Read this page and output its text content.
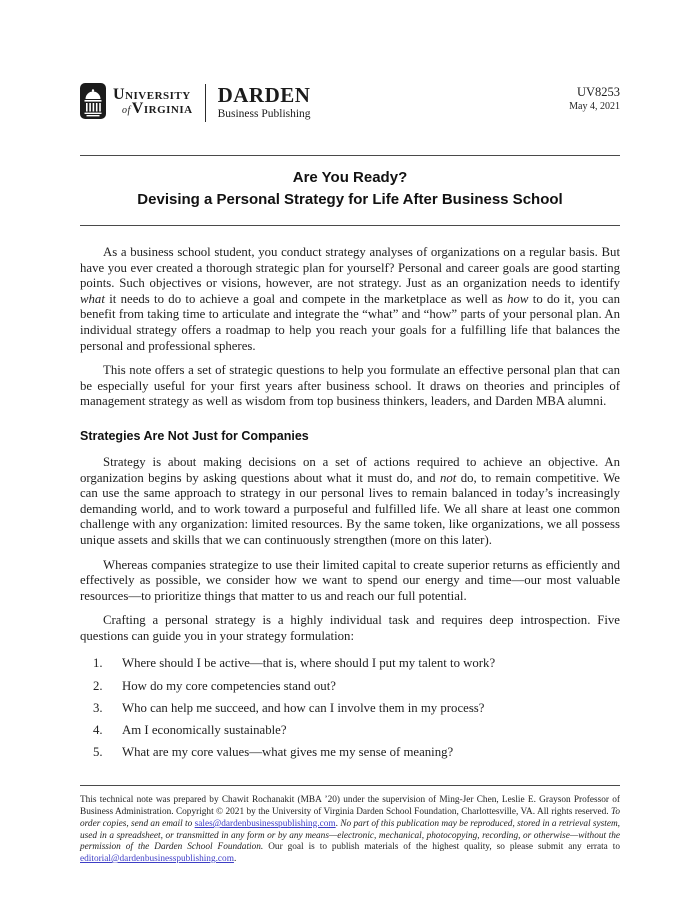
UNIVERSITY
ofVIRGINIA
DARDEN
Business Publishing
UV8253
May 4, 2021
Are You Ready?
Devising a Personal Strategy for Life After Business School

As a business school student, you conduct strategy analyses of organizations on a regular basis. But have you ever created a thorough strategic plan for yourself? Personal and career goals are good starting points. Such objectives or visions, however, are not strategy. Just as an organization needs to identify what it needs to do to achieve a goal and compete in the marketplace as well as how to do it, you can benefit from taking time to articulate and integrate the “what” and “how” parts of your personal plan. An individual strategy offers a roadmap to help you reach your goals for a fulfilling life that balances the personal and professional spheres.

This note offers a set of strategic questions to help you formulate an effective personal plan that can be especially useful for your first years after business school. It draws on theories and principles of management strategy as well as wisdom from top business thinkers, leaders, and Darden MBA alumni.

Strategies Are Not Just for Companies

Strategy is about making decisions on a set of actions required to achieve an objective. An organization begins by asking questions about what it must do, and not do, to remain competitive. We can use the same approach to strategy in our personal lives to remain balanced in today’s increasingly demanding world, and to work toward a purposeful and fulfilled life. We all share at least one common challenge with any organization: limited resources. By the same token, like organizations, we all possess unique assets and skills that we can continuously strengthen (more on this later).

Whereas companies strategize to use their limited capital to create superior returns as efficiently and effectively as possible, we consider how we want to spend our energy and time—our most valuable resources—to prioritize things that matter to us and reach our full potential.

Crafting a personal strategy is a highly individual task and requires deep introspection. Five questions can guide you in your strategy formulation:

1.	Where should I be active—that is, where should I put my talent to work?
2.	How do my core competencies stand out?
3.	Who can help me succeed, and how can I involve them in my process?
4.	Am I economically sustainable?
5.	What are my core values—what gives me my sense of meaning?
This technical note was prepared by Chawit Rochanakit (MBA ’20) under the supervision of Ming-Jer Chen, Leslie E. Grayson Professor of Business Administration. Copyright © 2021 by the University of Virginia Darden School Foundation, Charlottesville, VA. All rights reserved. To order copies, send an email to sales@dardenbusinesspublishing.com. No part of this publication may be reproduced, stored in a retrieval system, used in a spreadsheet, or transmitted in any form or by any means—electronic, mechanical, photocopying, recording, or otherwise—without the permission of the Darden School Foundation. Our goal is to publish materials of the highest quality, so please submit any errata to editorial@dardenbusinesspublishing.com.
